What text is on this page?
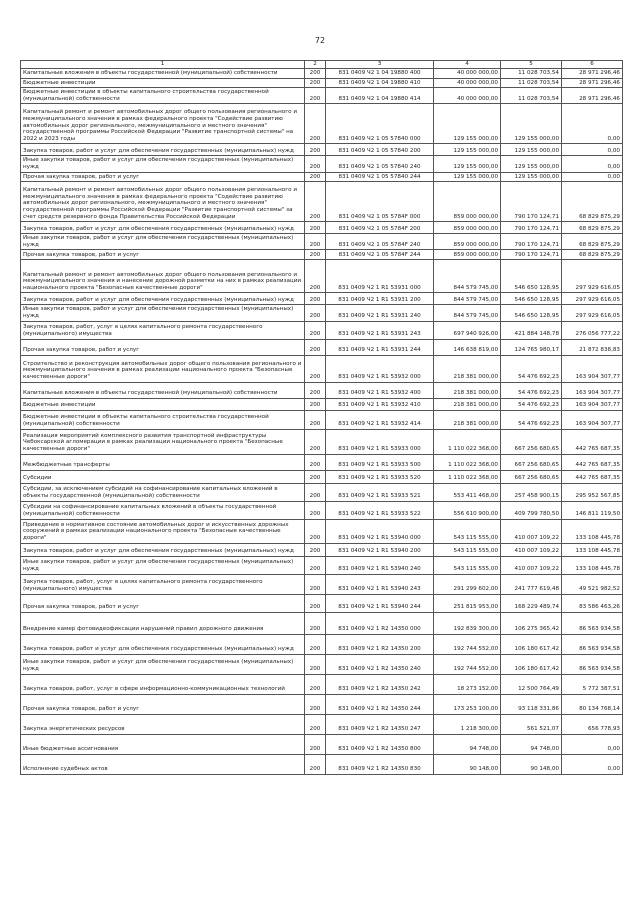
72
1	2	3	4	5	6
Капитальные вложения в объекты государственной (муниципальной) собственности	200	831 0409 Ч2 1 04 19880 400	40 000 000,00	11 028 703,54	28 971 296,46
Бюджетные инвестиции	200	831 0409 Ч2 1 04 19880 410	40 000 000,00	11 028 703,54	28 971 296,46
Бюджетные инвестиции в объекты капитального строительства государственной (муниципальной) собственности	200	831 0409 Ч2 1 04 19880 414	40 000 000,00	11 028 703,54	28 971 296,46
Капитальный ремонт и ремонт автомобильных дорог общего пользования регионального и межмуниципального значения в рамках федерального проекта "Содействие развитию автомобильных дорог регионального, межмуниципального и местного значения" государственной программы Российской Федерации "Развитие транспортной системы" на 2022 и 2023 годы	200	831 0409 Ч2 1 05 57840 000	129 155 000,00	129 155 000,00	0,00
Закупка товаров, работ и услуг для обеспечения государственных (муниципальных) нужд	200	831 0409 Ч2 1 05 57840 200	129 155 000,00	129 155 000,00	0,00
Иные закупки товаров, работ и услуг для обеспечения государственных (муниципальных) нужд	200	831 0409 Ч2 1 05 57840 240	129 155 000,00	129 155 000,00	0,00
Прочая закупка товаров, работ и услуг	200	831 0409 Ч2 1 05 57840 244	129 155 000,00	129 155 000,00	0,00
Капитальный ремонт и ремонт автомобильных дорог общего пользования регионального и межмуниципального значения в рамках федерального проекта "Содействие развитию автомобильных дорог регионального, межмуниципального и местного значения" государственной программы Российской Федерации "Развитие транспортной системы" за счет средств резервного фонда Правительства Российской Федерации	200	831 0409 Ч2 1 05 5784F 000	859 000 000,00	790 170 124,71	68 829 875,29
Закупка товаров, работ и услуг для обеспечения государственных (муниципальных) нужд	200	831 0409 Ч2 1 05 5784F 200	859 000 000,00	790 170 124,71	68 829 875,29
Иные закупки товаров, работ и услуг для обеспечения государственных (муниципальных) нужд	200	831 0409 Ч2 1 05 5784F 240	859 000 000,00	790 170 124,71	68 829 875,29
Прочая закупка товаров, работ и услуг	200	831 0409 Ч2 1 05 5784F 244	859 000 000,00	790 170 124,71	68 829 875,29
Капитальный ремонт и ремонт автомобильных дорог общего пользования регионального и межмуниципального значения и нанесение дорожной разметки на них в рамках реализации национального проекта "Безопасные качественные дороги"	200	831 0409 Ч2 1 R1 53931 000	844 579 745,00	546 650 128,95	297 929 616,05
Закупка товаров, работ и услуг для обеспечения государственных (муниципальных) нужд	200	831 0409 Ч2 1 R1 53931 200	844 579 745,00	546 650 128,95	297 929 616,05
Иные закупки товаров, работ и услуг для обеспечения государственных (муниципальных) нужд	200	831 0409 Ч2 1 R1 53931 240	844 579 745,00	546 650 128,95	297 929 616,05
Закупка товаров, работ, услуг в целях капитального ремонта государственного (муниципального) имущества	200	831 0409 Ч2 1 R1 53931 243	697 940 926,00	421 884 148,78	276 056 777,22
Прочая закупка товаров, работ и услуг	200	831 0409 Ч2 1 R1 53931 244	146 638 819,00	124 765 980,17	21 872 838,83
Строительство и реконструкция автомобильных дорог общего пользования регионального и межмуниципального значения в рамках реализации национального проекта "Безопасные качественные дороги"	200	831 0409 Ч2 1 R1 53932 000	218 381 000,00	54 476 692,23	163 904 307,77
Капитальные вложения в объекты государственной (муниципальной) собственности	200	831 0409 Ч2 1 R1 53932 400	218 381 000,00	54 476 692,23	163 904 307,77
Бюджетные инвестиции	200	831 0409 Ч2 1 R1 53932 410	218 381 000,00	54 476 692,23	163 904 307,77
Бюджетные инвестиции в объекты капитального строительства государственной (муниципальной) собственности	200	831 0409 Ч2 1 R1 53932 414	218 381 000,00	54 476 692,23	163 904 307,77
Реализация мероприятий комплексного развития транспортной инфраструктуры Чебоксарской агломерации в рамках реализации национального проекта "Безопасные качественные дороги"	200	831 0409 Ч2 1 R1 53933 000	1 110 022 368,00	667 256 680,65	442 765 687,35
Межбюджетные трансферты	200	831 0409 Ч2 1 R1 53933 500	1 110 022 368,00	667 256 680,65	442 765 687,35
Субсидии	200	831 0409 Ч2 1 R1 53933 520	1 110 022 368,00	667 256 680,65	442 765 687,35
Субсидии, за исключением субсидий на софинансирование капитальных вложений в объекты государственной (муниципальной) собственности	200	831 0409 Ч2 1 R1 53933 521	553 411 468,00	257 458 900,15	295 952 567,85
Субсидии на софинансирование капитальных вложений в объекты государственной (муниципальной) собственности	200	831 0409 Ч2 1 R1 53933 522	556 610 900,00	409 799 780,50	146 811 119,50
Приведение в нормативное состояние автомобильных дорог и искусственных дорожных сооружений в рамках реализации национального проекта "Безопасные качественные дороги"	200	831 0409 Ч2 1 R1 53940 000	543 115 555,00	410 007 109,22	133 108 445,78
Закупка товаров, работ и услуг для обеспечения государственных (муниципальных) нужд	200	831 0409 Ч2 1 R1 53940 200	543 115 555,00	410 007 109,22	133 108 445,78
Иные закупки товаров, работ и услуг для обеспечения государственных (муниципальных) нужд	200	831 0409 Ч2 1 R1 53940 240	543 115 555,00	410 007 109,22	133 108 445,78
Закупка товаров, работ, услуг в целях капитального ремонта государственного (муниципального) имущества	200	831 0409 Ч2 1 R1 53940 243	291 299 602,00	241 777 619,48	49 521 982,52
Прочая закупка товаров, работ и услуг	200	831 0409 Ч2 1 R1 53940 244	251 815 953,00	168 229 489,74	83 586 463,26
Внедрение камер фотовидеофиксации нарушений правил дорожного движения	200	831 0409 Ч2 1 R2 14350 000	192 839 300,00	106 275 365,42	86 563 934,58
Закупка товаров, работ и услуг для обеспечения государственных (муниципальных) нужд	200	831 0409 Ч2 1 R2 14350 200	192 744 552,00	106 180 617,42	86 563 934,58
Иные закупки товаров, работ и услуг для обеспечения государственных (муниципальных) нужд	200	831 0409 Ч2 1 R2 14350 240	192 744 552,00	106 180 617,42	86 563 934,58
Закупка товаров, работ, услуг в сфере информационно-коммуникационных технологий	200	831 0409 Ч2 1 R2 14350 242	18 273 152,00	12 500 764,49	5 772 387,51
Прочая закупка товаров, работ и услуг	200	831 0409 Ч2 1 R2 14350 244	173 253 100,00	93 118 331,86	80 134 768,14
Закупка энергетических ресурсов	200	831 0409 Ч2 1 R2 14350 247	1 218 300,00	561 521,07	656 778,93
Иные бюджетные ассигнования	200	831 0409 Ч2 1 R2 14350 800	94 748,00	94 748,00	0,00
Исполнение судебных актов	200	831 0409 Ч2 1 R2 14350 830	90 148,00	90 148,00	0,00
